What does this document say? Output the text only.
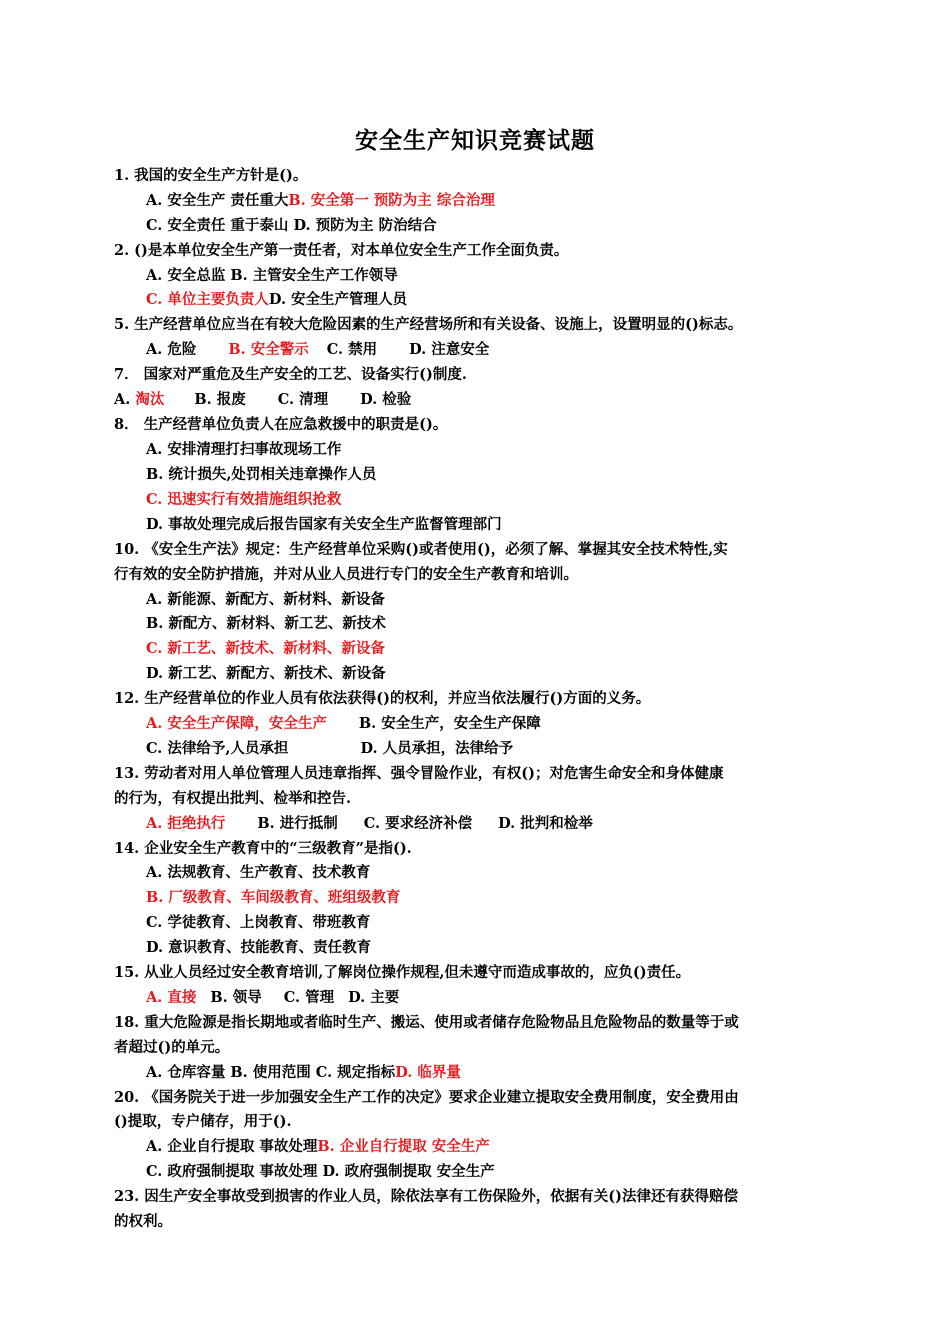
安全生产知识竞赛试题
1. 我国的安全生产方针是()。
A. 安全生产 责任重大B. 安全第一 预防为主 综合治理
C. 安全责任 重于泰山 D. 预防为主 防治结合
2. ()是本单位安全生产第一责任者，对本单位安全生产工作全面负责。
A. 安全总监 B. 主管安全生产工作领导
C. 单位主要负责人D. 安全生产管理人员
5. 生产经营单位应当在有较大危险因素的生产经营场所和有关设备、设施上，设置明显的()标志。
A. 危险 B. 安全警示 C. 禁用 D. 注意安全
7． 国家对严重危及生产安全的工艺、设备实行()制度.
A. 淘汰 B. 报废 C. 清理 D. 检验
8． 生产经营单位负责人在应急救援中的职责是()。
A. 安排清理打扫事故现场工作
B. 统计损失,处罚相关违章操作人员
C. 迅速实行有效措施组织抢救
D. 事故处理完成后报告国家有关安全生产监督管理部门
10. 《安全生产法》规定：生产经营单位采购()或者使用()，必须了解、掌握其安全技术特性,实
行有效的安全防护措施，并对从业人员进行专门的安全生产教育和培训。
A. 新能源、新配方、新材料、新设备
B. 新配方、新材料、新工艺、新技术
C. 新工艺、新技术、新材料、新设备
D. 新工艺、新配方、新技术、新设备
12. 生产经营单位的作业人员有依法获得()的权利，并应当依法履行()方面的义务。
A. 安全生产保障，安全生产 B. 安全生产，安全生产保障
C. 法律给予,人员承担	D. 人员承担，法律给予
13. 劳动者对用人单位管理人员违章指挥、强令冒险作业，有权()；对危害生命安全和身体健康
的行为，有权提出批判、检举和控告.
A. 拒绝执行 B. 进行抵制 C. 要求经济补偿 D. 批判和检举
14. 企业安全生产教育中的“三级教育”是指().
A. 法规教育、生产教育、技术教育
B. 厂级教育、车间级教育、班组级教育
C. 学徒教育、上岗教育、带班教育
D. 意识教育、技能教育、责任教育
15. 从业人员经过安全教育培训,了解岗位操作规程,但未遵守而造成事故的，应负()责任。
A. 直接 B. 领导 C. 管理 D. 主要
18. 重大危险源是指长期地或者临时生产、搬运、使用或者储存危险物品且危险物品的数量等于或
者超过()的单元。
A. 仓库容量 B. 使用范围 C. 规定指标D. 临界量
20. 《国务院关于进一步加强安全生产工作的决定》要求企业建立提取安全费用制度，安全费用由
()提取，专户储存，用于().
A. 企业自行提取 事故处理B. 企业自行提取 安全生产
C. 政府强制提取 事故处理 D. 政府强制提取 安全生产
23. 因生产安全事故受到损害的作业人员，除依法享有工伤保险外，依据有关()法律还有获得赔偿
的权利。
